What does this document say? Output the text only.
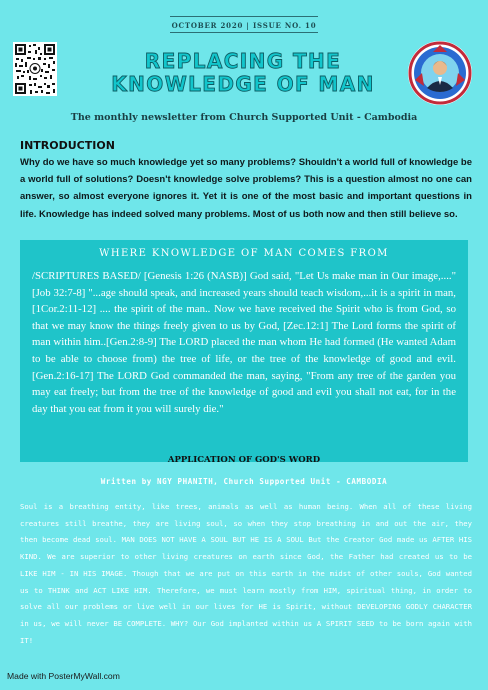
OCTOBER 2020 | ISSUE NO. 10
REPLACING THE
KNOWLEDGE OF MAN
The monthly newsletter from Church Supported Unit - Cambodia
INTRODUCTION
Why do we have so much knowledge yet so many problems? Shouldn't a world full of knowledge be a world full of solutions? Doesn't knowledge solve problems? This is a question almost no one can answer, so almost everyone ignores it. Yet it is one of the most basic and important questions in life. Knowledge has indeed solved many problems. Most of us both now and then still believe so.
WHERE KNOWLEDGE OF MAN COMES FROM
/SCRIPTURES BASED/ [Genesis 1:26 (NASB)] God said, "Let Us make man in Our image,...." [Job 32:7-8] "...age should speak, and increased years should teach wisdom,...it is a spirit in man, [1Cor.2:11-12] .... the spirit of the man.. Now we have received the Spirit who is from God, so that we may know the things freely given to us by God, [Zec.12:1] The Lord forms the spirit of man within him..[Gen.2:8-9] The LORD placed the man whom He had formed (He wanted Adam to be able to choose from) the tree of life, or the tree of the knowledge of good and evil. [Gen.2:16-17] The LORD God commanded the man, saying, "From any tree of the garden you may eat freely; but from the tree of the knowledge of good and evil you shall not eat, for in the day that you eat from it you will surely die."
APPLICATION OF GOD'S WORD
Written by NGY PHANITH, Church Supported Unit - CAMBODIA
Soul is a breathing entity, like trees, animals as well as human being. When all of these living creatures still breathe, they are living soul, so when they stop breathing in and out the air, they then become dead soul. MAN DOES NOT HAVE A SOUL BUT HE IS A SOUL But the Creator God made us AFTER HIS KIND. We are superior to other living creatures on earth since God, the Father had created us to be LIKE HIM - IN HIS IMAGE. Though that we are put on this earth in the midst of other souls, God wanted us to THINK and ACT LIKE HIM. Therefore, we must learn mostly from HIM, spiritual thing, in order to solve all our problems or live well in our lives for HE is Spirit, without DEVELOPING GODLY CHARACTER in us, we will never BE COMPLETE. WHY? Our God implanted within us A SPIRIT SEED to be born again with IT!
Made with PosterMyWall.com
